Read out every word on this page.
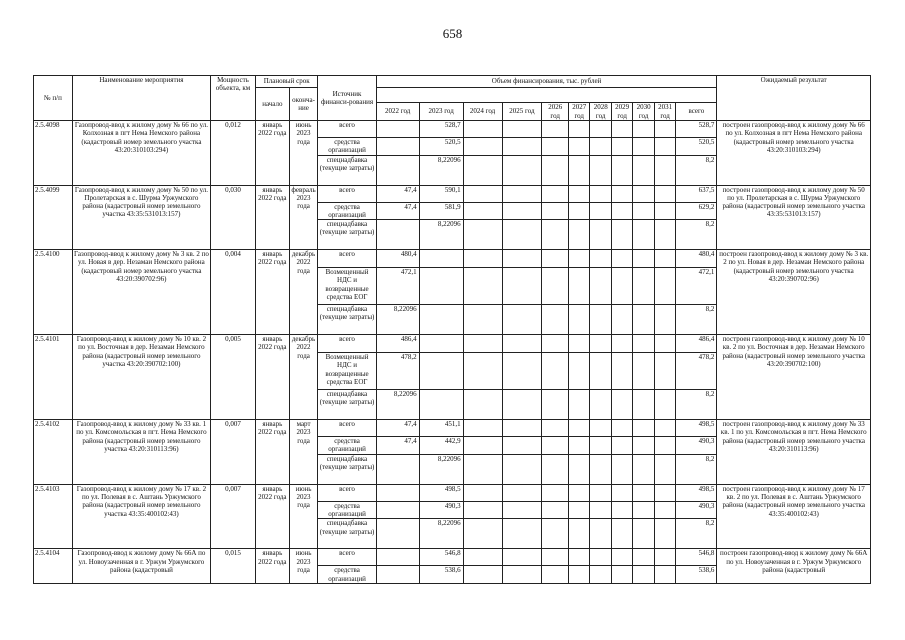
658
№ п/п	Наименование мероприятия	Мощность объекта, км	Плановый срок		Источник финанси-рования	Объем финансирования, тыс. рублей											Ожидаемый результат
			начало	оконча-ние													
						2022 год	2023 год	2024 год	2025 год	2026 год	2027 год	2028 год	2029 год	2030 год	2031 год	всего	
2.5.4098	Газопровод-ввод к жилому дому № 66 по ул. Колхозная в пгт Нема Немского района (кадастровый номер земельного участка 43:20:310103:294)	0,012	январь 2022 года	июнь 2023 года	всего		528,7									528,7	построен газопровод-ввод к жилому дому № 66 по ул. Колхозная в пгт Нема Немского района (кадастровый номер земельного участка 43:20:310103:294)
					средства организаций		520,5									520,5	
					спецнадбавка (текущие затраты)		8,22096									8,2	
2.5.4099	Газопровод-ввод к жилому дому № 50 по ул. Пролетарская в с. Шурма Уржумского района (кадастровый номер земельного участка 43:35:531013:157)	0,030	январь 2022 года	февраль 2023 года	всего	47,4	590,1									637,5	построен газопровод-ввод к жилому дому № 50 по ул. Пролетарская в с. Шурма Уржумского района (кадастровый номер земельного участка 43:35:531013:157)
					средства организаций	47,4	581,9									629,2	
					спецнадбавка (текущие затраты)		8,22096									8,2	
2.5.4100	Газопровод-ввод к жилому дому № 3 кв. 2 по ул. Новая в дер. Незамаи Немского района (кадастровый номер земельного участка 43:20:390702:96)	0,004	январь 2022 года	декабрь 2022 года	всего	480,4										480,4	построен газопровод-ввод к жилому дому № 3 кв. 2 по ул. Новая в дер. Незамаи Немского района (кадастровый номер земельного участка 43:20:390702:96)
					Возмещенный НДС и возвращенные средства ЕОГ	472,1										472,1	
					спецнадбавка (текущие затраты)	8,22096										8,2	
2.5.4101	Газопровод-ввод к жилому дому № 10 кв. 2 по ул. Восточная в дер. Незамаи Немского района (кадастровый номер земельного участка 43:20:390702:100)	0,005	январь 2022 года	декабрь 2022 года	всего	486,4										486,4	построен газопровод-ввод к жилому дому № 10 кв. 2 по ул. Восточная в дер. Незамаи Немского района (кадастровый номер земельного участка 43:20:390702:100)
					Возмещенный НДС и возвращенные средства ЕОГ	478,2										478,2	
					спецнадбавка (текущие затраты)	8,22096										8,2	
2.5.4102	Газопровод-ввод к жилому дому № 33 кв. 1 по ул. Комсомольская в пгт. Нема Немского района (кадастровый номер земельного участка 43:20:310113:96)	0,007	январь 2022 года	март 2023 года	всего	47,4	451,1									498,5	построен газопровод-ввод к жилому дому № 33 кв. 1 по ул. Комсомольская в пгт. Нема Немского района (кадастровый номер земельного участка 43:20:310113:96)
					средства организаций	47,4	442,9									490,3	
					спецнадбавка (текущие затраты)		8,22096									8,2	
2.5.4103	Газопровод-ввод к жилому дому № 17 кв. 2 по ул. Полевая в с. Аштань Уржумского района (кадастровый номер земельного участка 43:35:400102:43)	0,007	январь 2022 года	июнь 2023 года	всего		498,5									498,5	построен газопровод-ввод к жилому дому № 17 кв. 2 по ул. Полевая в с. Аштань Уржумского района (кадастровый номер земельного участка 43:35:400102:43)
					средства организаций		490,3									490,3	
					спецнадбавка (текущие затраты)		8,22096									8,2	
2.5.4104	Газопровод-ввод к жилому дому № 66А по ул. Новоузаченная в г. Уржум Уржумского района (кадастровый	0,015	январь 2022 года	июнь 2023 года	всего		546,8									546,8	построен газопровод-ввод к жилому дому № 66А по ул. Новоузаченная в г. Уржум Уржумского района (кадастровый
					средства организаций		538,6									538,6	
